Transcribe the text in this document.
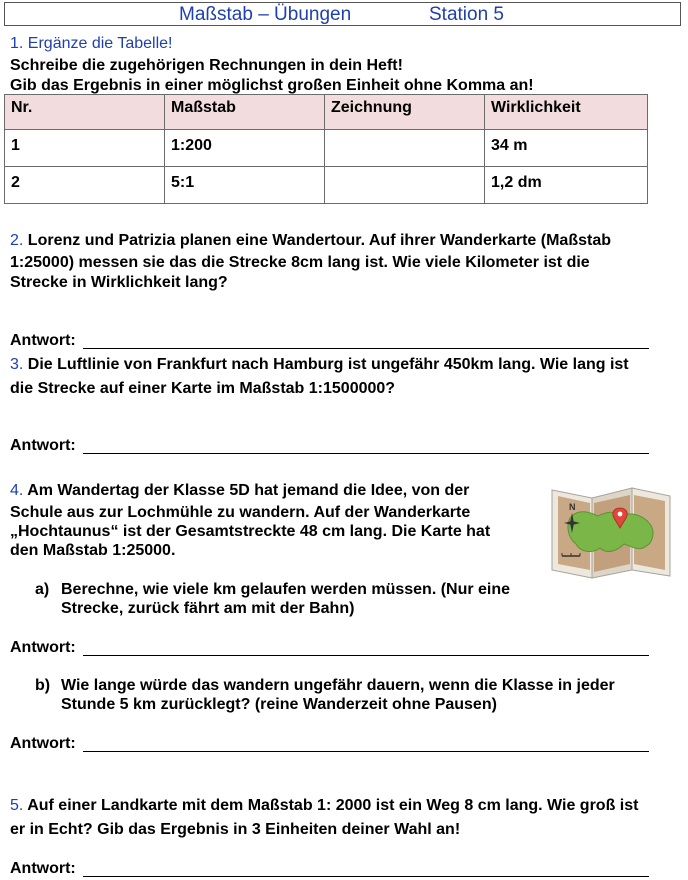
Maßstab – Übungen	Station 5
1. Ergänze die Tabelle!
Schreibe die zugehörigen Rechnungen in dein Heft!
Gib das Ergebnis in einer möglichst großen Einheit ohne Komma an!
Nr.	Maßstab	Zeichnung	Wirklichkeit
1	1:200		34 m
2	5:1		1,2 dm
2. Lorenz und Patrizia planen eine Wandertour. Auf ihrer Wanderkarte (Maßstab
1:25000) messen sie das die Strecke 8cm lang ist. Wie viele Kilometer ist die
Strecke in Wirklichkeit lang?
Antwort:
3. Die Luftlinie von Frankfurt nach Hamburg ist ungefähr 450km lang. Wie lang ist
die Strecke auf einer Karte im Maßstab 1:1500000?
Antwort:
4. Am Wandertag der Klasse 5D hat jemand die Idee, von der
Schule aus zur Lochmühle zu wandern. Auf der Wanderkarte
„Hochtaunus“ ist der Gesamtstreckte 48 cm lang. Die Karte hat
den Maßstab 1:25000.
N
a) Berechne, wie viele km gelaufen werden müssen. (Nur eine
Strecke, zurück fährt am mit der Bahn)
Antwort:
b) Wie lange würde das wandern ungefähr dauern, wenn die Klasse in jeder
Stunde 5 km zurücklegt? (reine Wanderzeit ohne Pausen)
Antwort:
5. Auf einer Landkarte mit dem Maßstab 1: 2000 ist ein Weg 8 cm lang. Wie groß ist
er in Echt? Gib das Ergebnis in 3 Einheiten deiner Wahl an!
Antwort:
